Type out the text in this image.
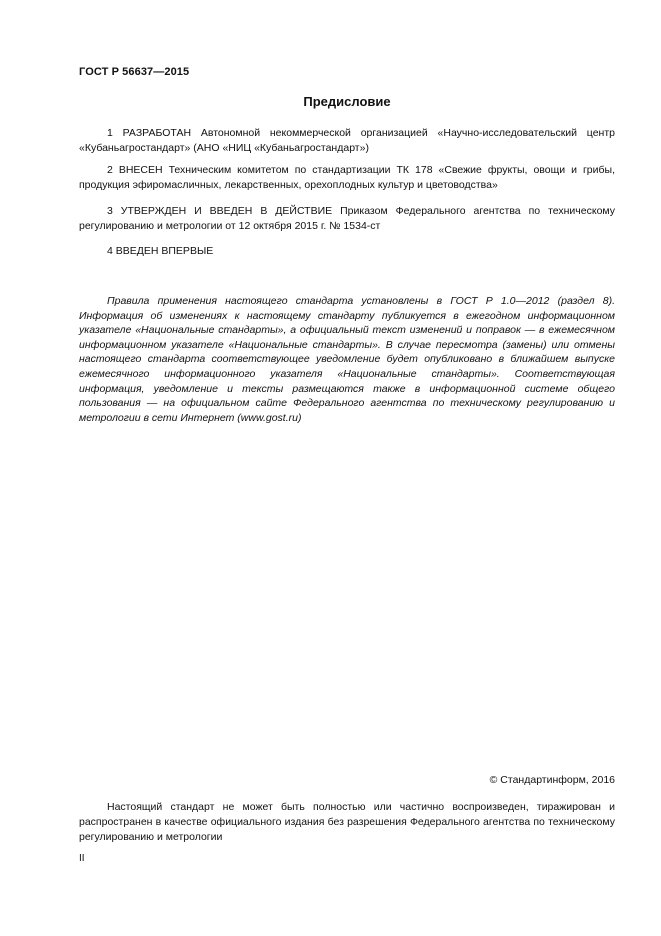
ГОСТ Р 56637—2015
Предисловие
1 РАЗРАБОТАН Автономной некоммерческой организацией «Научно-исследовательский центр «Кубаньагростандарт» (АНО «НИЦ «Кубаньагростандарт»)
2 ВНЕСЕН Техническим комитетом по стандартизации ТК 178 «Свежие фрукты, овощи и грибы, продукция эфиромасличных, лекарственных, орехоплодных культур и цветоводства»
3 УТВЕРЖДЕН И ВВЕДЕН В ДЕЙСТВИЕ Приказом Федерального агентства по техническому регулированию и метрологии от 12 октября 2015 г. № 1534-ст
4 ВВЕДЕН ВПЕРВЫЕ
Правила применения настоящего стандарта установлены в ГОСТ Р 1.0—2012 (раздел 8). Информация об изменениях к настоящему стандарту публикуется в ежегодном информационном указателе «Национальные стандарты», а официальный текст изменений и поправок — в ежемесячном информационном указателе «Национальные стандарты». В случае пересмотра (замены) или отмены настоящего стандарта соответствующее уведомление будет опубликовано в ближайшем выпуске ежемесячного информационного указателя «Национальные стандарты». Соответствующая информация, уведомление и тексты размещаются также в информационной системе общего пользования — на официальном сайте Федерального агентства по техническому регулированию и метрологии в сети Интернет (www.gost.ru)
© Стандартинформ, 2016
Настоящий стандарт не может быть полностью или частично воспроизведен, тиражирован и распространен в качестве официального издания без разрешения Федерального агентства по техническому регулированию и метрологии
II
